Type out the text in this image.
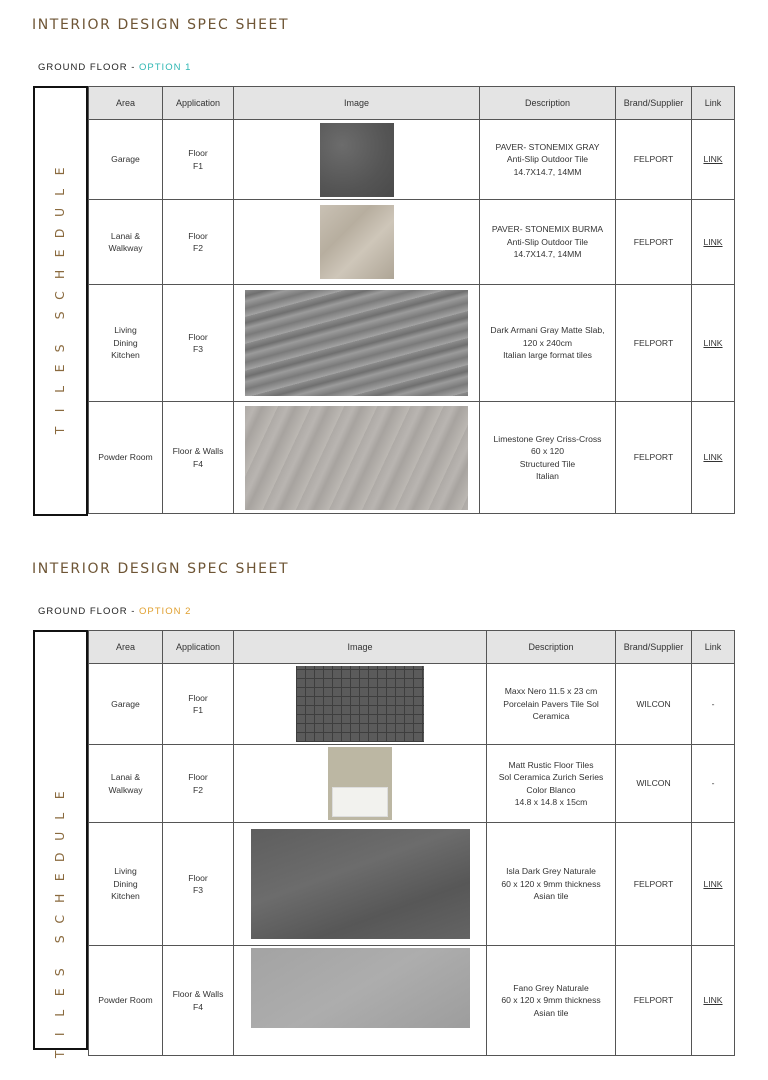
INTERIOR DESIGN SPEC SHEET
GROUND FLOOR - OPTION 1
E
L
U
D
E
H
C
S

S
E
L
I
T
Area	Application	Image	Description	Brand/Supplier	Link
Garage	Floor
F1		PAVER- STONEMIX GRAY
Anti-Slip Outdoor Tile
14.7X14.7, 14MM	FELPORT	LINK
Lanai &
Walkway	Floor
F2		PAVER- STONEMIX BURMA
Anti-Slip Outdoor Tile
14.7X14.7, 14MM	FELPORT	LINK
Living
Dining
Kitchen	Floor
F3		Dark Armani Gray Matte Slab,
120 x 240cm
Italian large format tiles	FELPORT	LINK
Powder Room	Floor & Walls
F4		Limestone Grey Criss-Cross
60 x 120
Structured Tile
Italian	FELPORT	LINK
INTERIOR DESIGN SPEC SHEET
GROUND FLOOR - OPTION 2
E
L
U
D
E
H
C
S

S
E
L
I
T
Area	Application	Image	Description	Brand/Supplier	Link
Garage	Floor
F1		Maxx Nero 11.5 x 23 cm
Porcelain Pavers Tile Sol
Ceramica	WILCON	-
Lanai &
Walkway	Floor
F2		Matt Rustic Floor Tiles
Sol Ceramica Zurich Series
Color Blanco
14.8 x 14.8 x 15cm	WILCON	-
Living
Dining
Kitchen	Floor
F3		Isla Dark Grey Naturale
60 x 120 x 9mm thickness
Asian tile	FELPORT	LINK
Powder Room	Floor & Walls
F4		Fano Grey Naturale
60 x 120 x 9mm thickness
Asian tile	FELPORT	LINK
